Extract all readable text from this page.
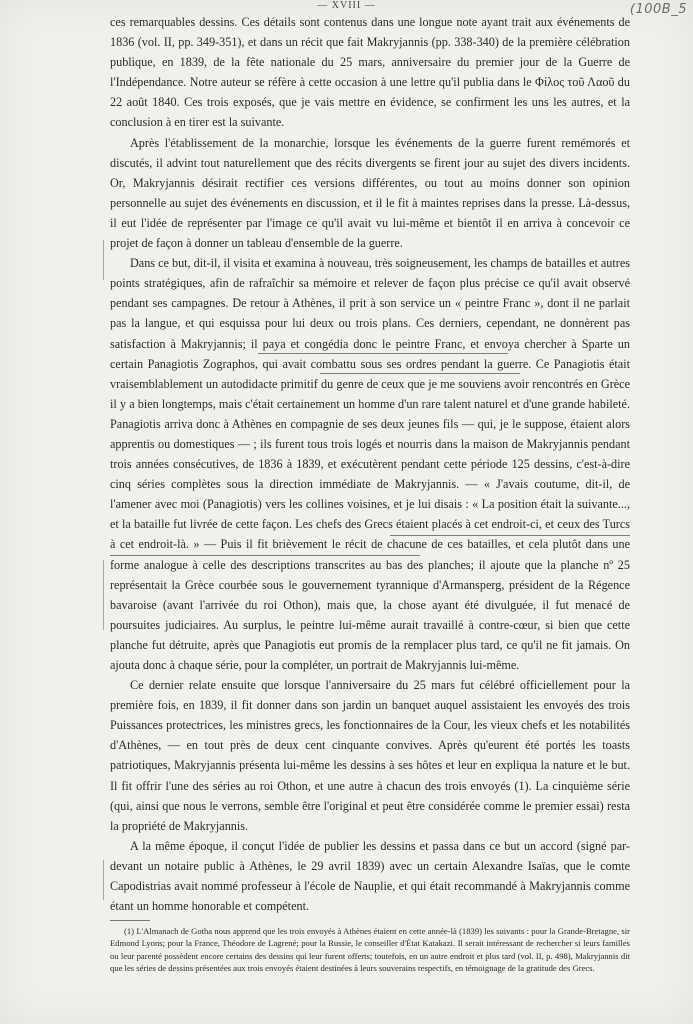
— XVIII —	(100B_5

ces remarquables dessins. Ces détails sont contenus dans une longue note ayant trait aux événements de 1836 (vol. II, pp. 349-351), et dans un récit que fait Makryjannis (pp. 338-340) de la première célébration publique, en 1839, de la fête nationale du 25 mars, anniversaire du premier jour de la Guerre de l'Indépendance. Notre auteur se réfère à cette occasion à une lettre qu'il publia dans le Φίλος τοῦ Λαοῦ du 22 août 1840. Ces trois exposés, que je vais mettre en évidence, se confirment les uns les autres, et la conclusion à en tirer est la suivante.

Après l'établissement de la monarchie, lorsque les événements de la guerre furent remémorés et discutés, il advint tout naturellement que des récits divergents se firent jour au sujet des divers incidents. Or, Makryjannis désirait rectifier ces versions différentes, ou tout au moins donner son opinion personnelle au sujet des événements en discussion, et il le fit à maintes reprises dans la presse. Là-dessus, il eut l'idée de représenter par l'image ce qu'il avait vu lui-même et bientôt il en arriva à concevoir ce projet de façon à donner un tableau d'ensemble de la guerre.

Dans ce but, dit-il, il visita et examina à nouveau, très soigneusement, les champs de batailles et autres points stratégiques, afin de rafraîchir sa mémoire et relever de façon plus précise ce qu'il avait observé pendant ses campagnes. De retour à Athènes, il prit à son service un « peintre Franc », dont il ne parlait pas la langue, et qui esquissa pour lui deux ou trois plans. Ces derniers, cependant, ne donnèrent pas satisfaction à Makryjannis; il paya et congédia donc le peintre Franc, et envoya chercher à Sparte un certain Panagiotis Zographos, qui avait combattu sous ses ordres pendant la guerre. Ce Panagiotis était vraisemblablement un autodidacte primitif du genre de ceux que je me souviens avoir rencontrés en Grèce il y a bien longtemps, mais c'était certainement un homme d'un rare talent naturel et d'une grande habileté. Panagiotis arriva donc à Athènes en compagnie de ses deux jeunes fils — qui, je le suppose, étaient alors apprentis ou domestiques — ; ils furent tous trois logés et nourris dans la maison de Makryjannis pendant trois années consécutives, de 1836 à 1839, et exécutèrent pendant cette période 125 dessins, c'est-à-dire cinq séries complètes sous la direction immédiate de Makryjannis. — « J'avais coutume, dit-il, de l'amener avec moi (Panagiotis) vers les collines voisines, et je lui disais : « La position était la suivante..., et la bataille fut livrée de cette façon. Les chefs des Grecs étaient placés à cet endroit-ci, et ceux des Turcs à cet endroit-là. » — Puis il fit brièvement le récit de chacune de ces batailles, et cela plutôt dans une forme analogue à celle des descriptions transcrites au bas des planches; il ajoute que la planche nº 25 représentait la Grèce courbée sous le gouvernement tyrannique d'Armansperg, président de la Régence bavaroise (avant l'arrivée du roi Othon), mais que, la chose ayant été divulguée, il fut menacé de poursuites judiciaires. Au surplus, le peintre lui-même aurait travaillé à contre-cœur, si bien que cette planche fut détruite, après que Panagiotis eut promis de la remplacer plus tard, ce qu'il ne fit jamais. On ajouta donc à chaque série, pour la compléter, un portrait de Makryjannis lui-même.

Ce dernier relate ensuite que lorsque l'anniversaire du 25 mars fut célébré officiellement pour la première fois, en 1839, il fit donner dans son jardin un banquet auquel assistaient les envoyés des trois Puissances protectrices, les ministres grecs, les fonctionnaires de la Cour, les vieux chefs et les notabilités d'Athènes, — en tout près de deux cent cinquante convives. Après qu'eurent été portés les toasts patriotiques, Makryjannis présenta lui-même les dessins à ses hôtes et leur en expliqua la nature et le but. Il fit offrir l'une des séries au roi Othon, et une autre à chacun des trois envoyés (1). La cinquième série (qui, ainsi que nous le verrons, semble être l'original et peut être considérée comme le premier essai) resta la propriété de Makryjannis.

A la même époque, il conçut l'idée de publier les dessins et passa dans ce but un accord (signé par-devant un notaire public à Athènes, le 29 avril 1839) avec un certain Alexandre Isaïas, que le comte Capodistrias avait nommé professeur à l'école de Nauplie, et qui était recommandé à Makryjannis comme étant un homme honorable et compétent.

(1) L'Almanach de Gotha nous apprend que les trois envoyés à Athènes étaient en cette année-là (1839) les suivants : pour la Grande-Bretagne, sir Edmond Lyons; pour la France, Théodore de Lagrené; pour la Russie, le conseiller d'État Katakazi. Il serait intéressant de rechercher si leurs familles ou leur parenté possèdent encore certains des dessins qui leur furent offerts; toutefois, en un autre endroit et plus tard (vol. II, p. 498), Makryjannis dit que les séries de dessins présentées aux trois envoyés étaient destinées à leurs souverains respectifs, en témoignage de la gratitude des Grecs.
